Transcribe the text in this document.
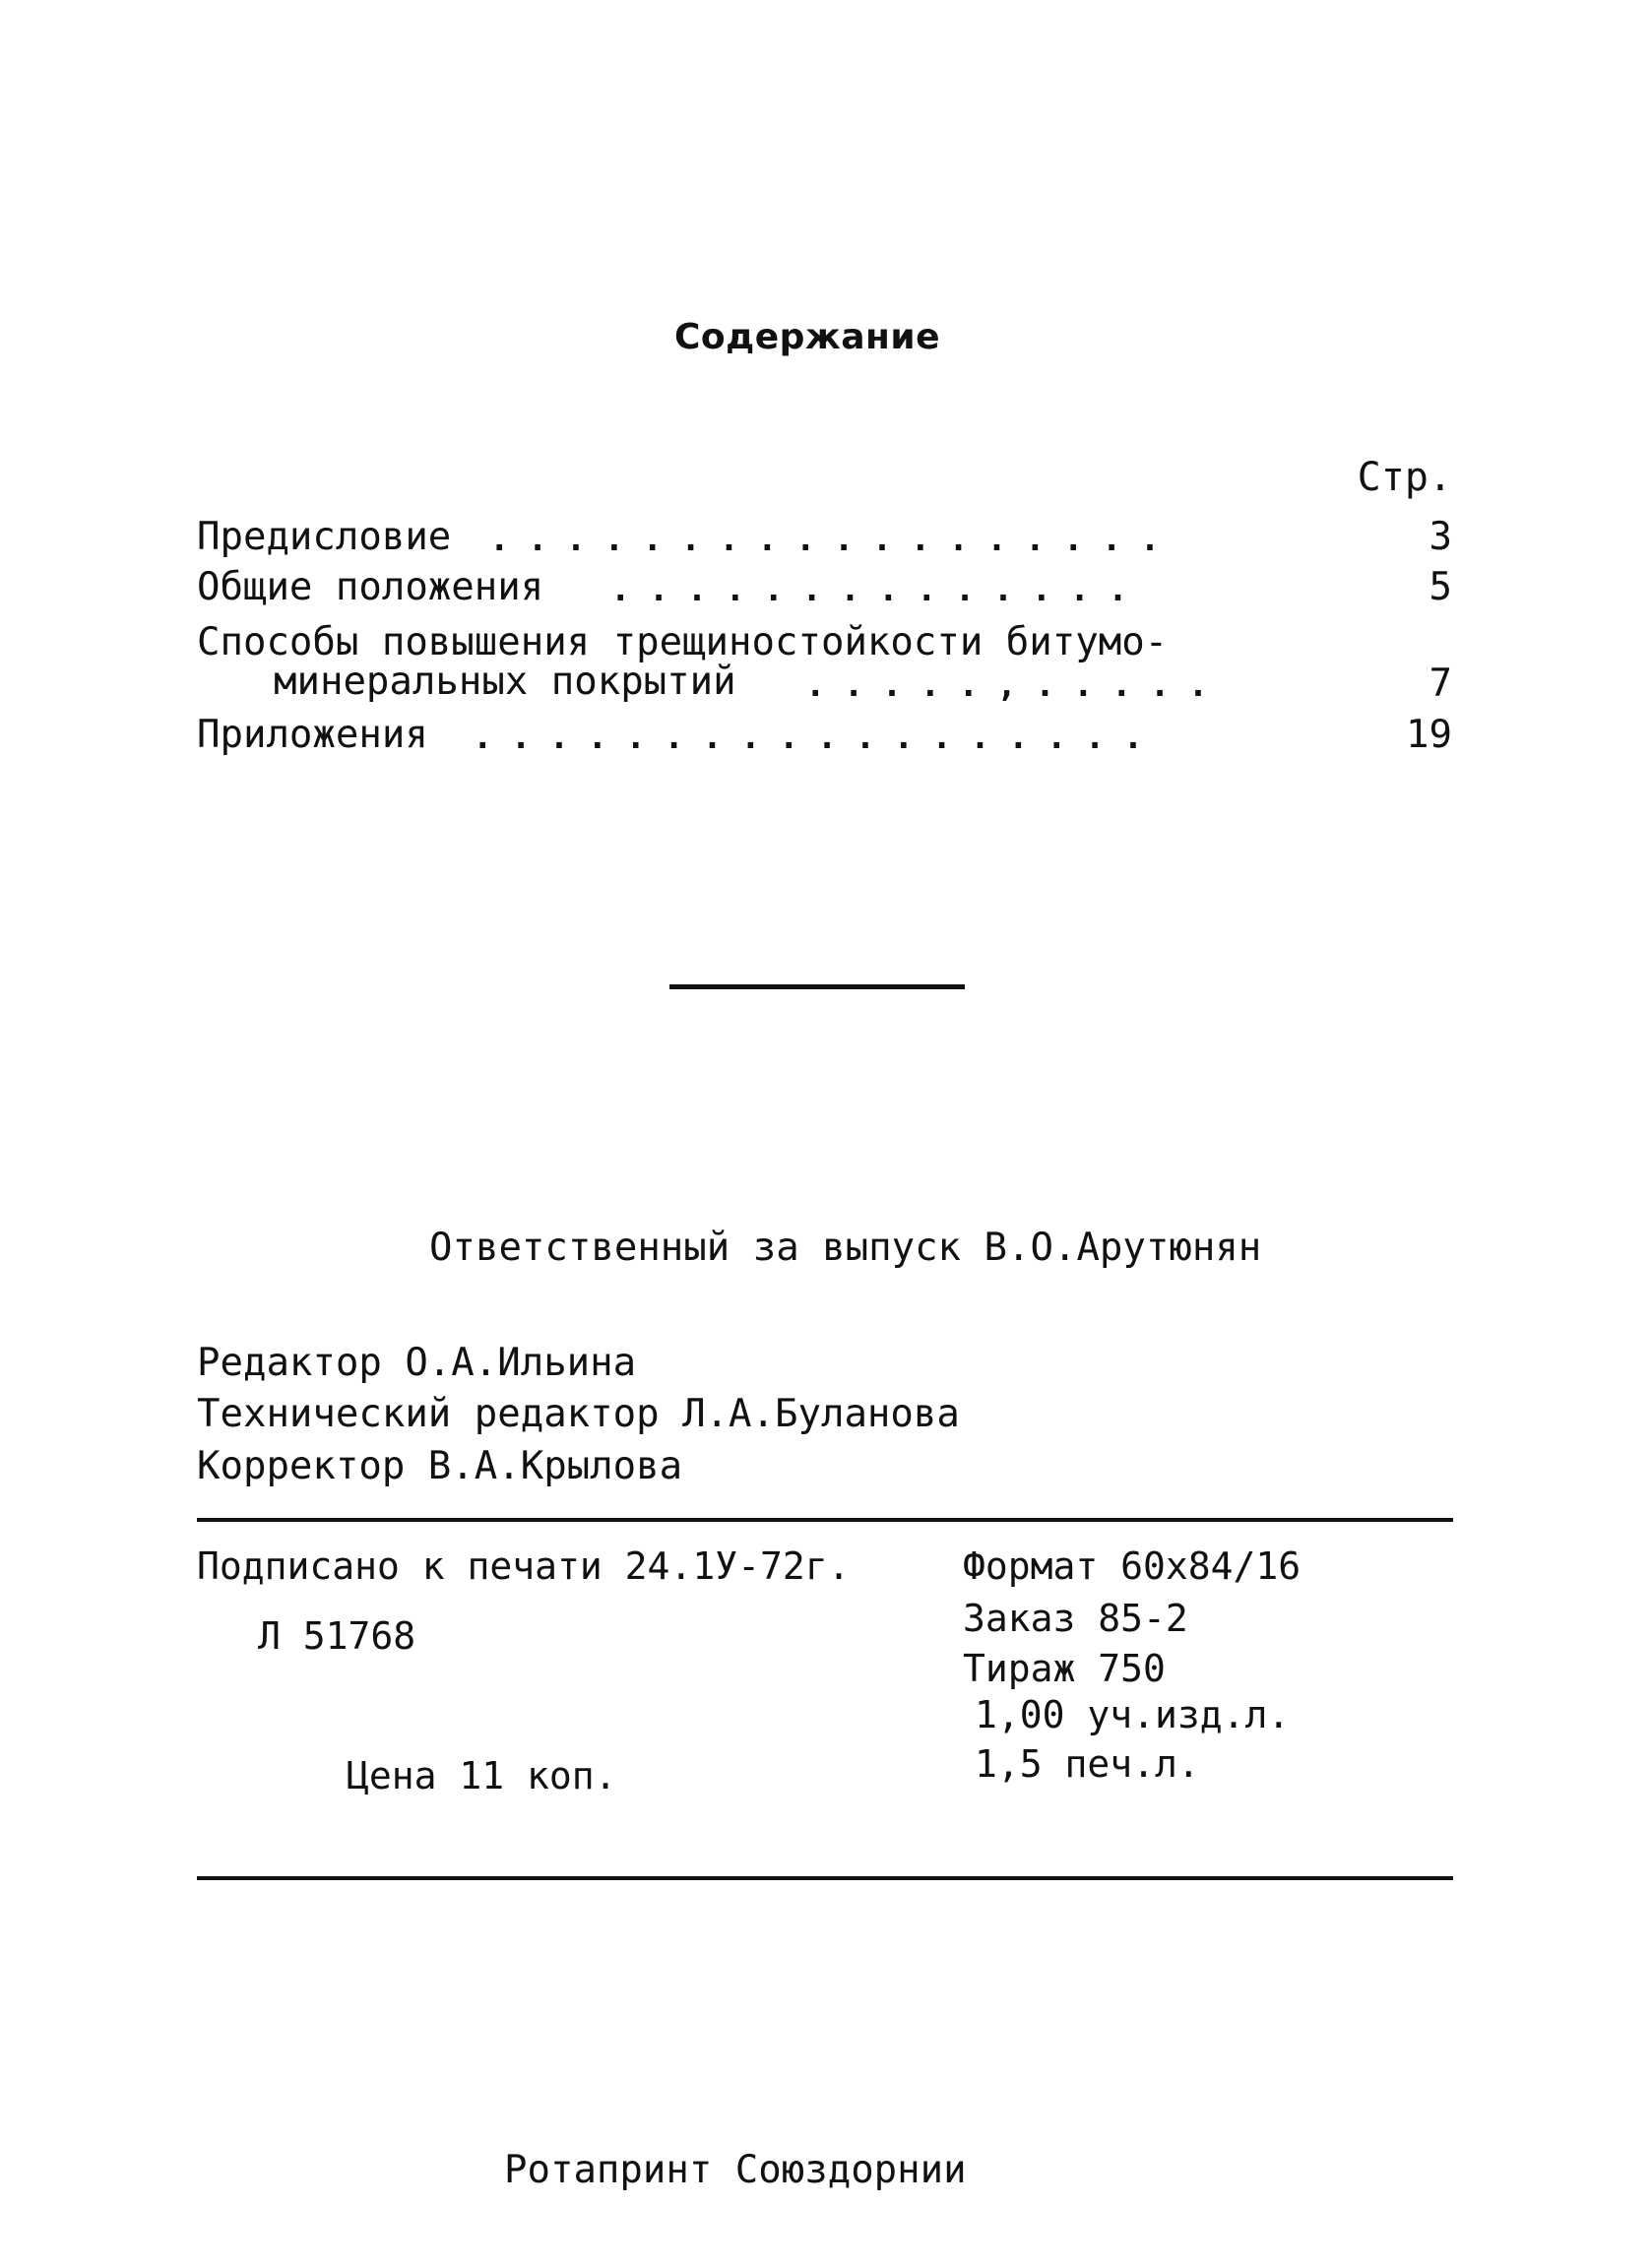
Содержание
Стр.
Предисловие ..................	3
Общие положения ..............	5
Способы повышения трещиностойкости битумо-
минеральных покрытий .....,.....	7
Приложения ..................	19
Ответственный за выпуск В.О.Арутюнян
Редактор О.А.Ильина
Технический редактор Л.А.Буланова
Корректор В.А.Крылова
Подписано к печати 24.1У-72г.
Л 51768
Цена 11 коп.
Формат 60х84/16
Заказ 85-2
Тираж 750
1,00 уч.изд.л.
1,5 печ.л.
Ротапринт Союздорнии
